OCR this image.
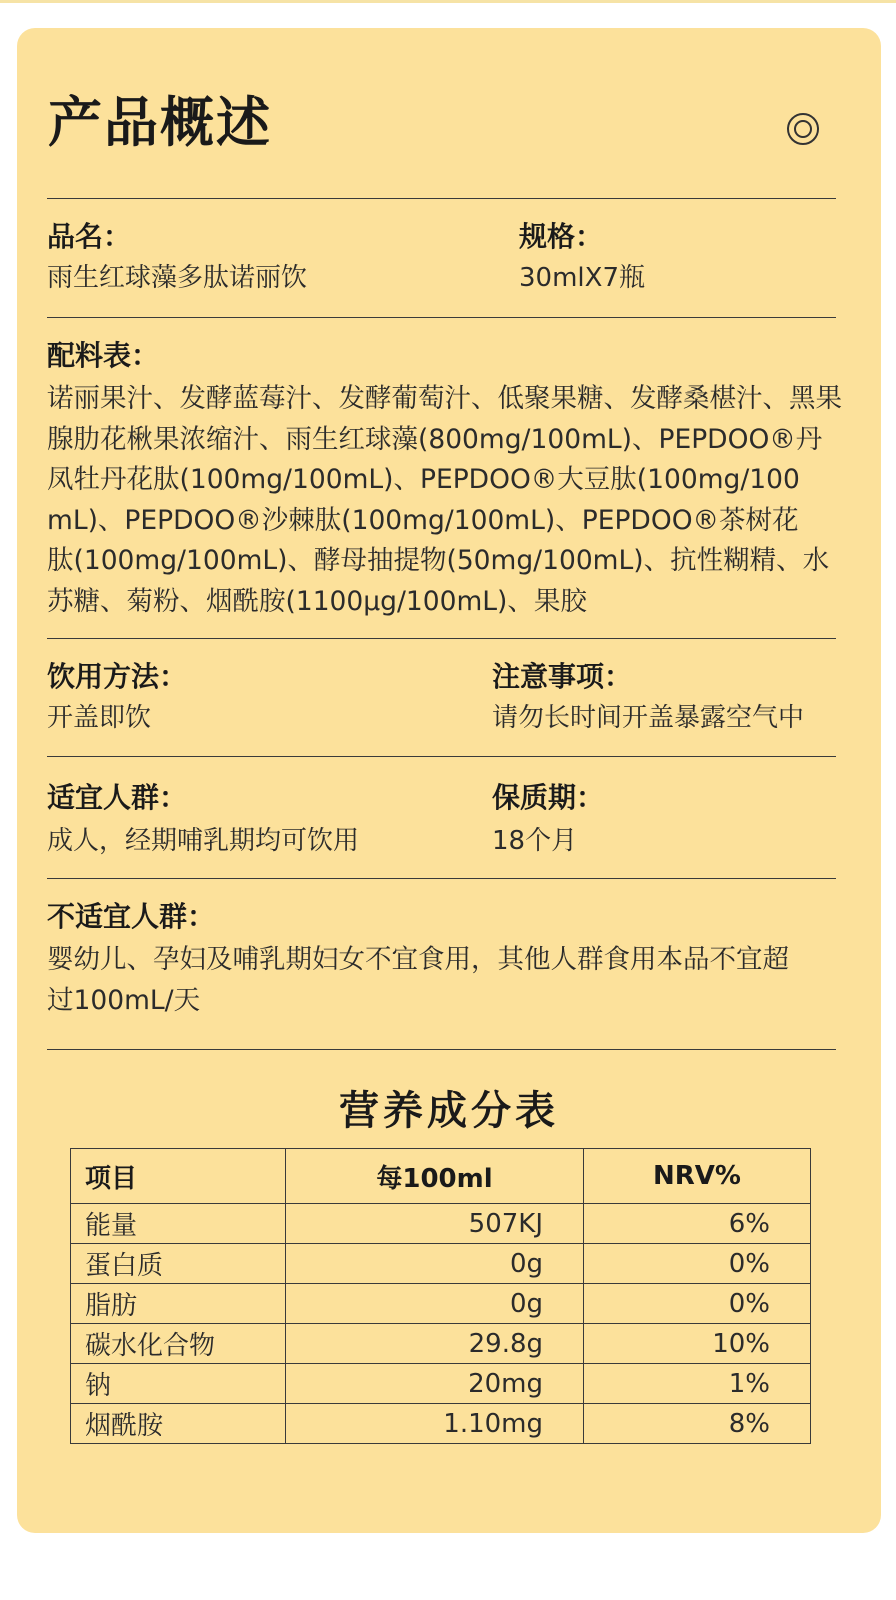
产品概述
品名：
雨生红球藻多肽诺丽饮
规格：
30mlX7瓶
配料表：
诺丽果汁、发酵蓝莓汁、发酵葡萄汁、低聚果糖、发酵桑椹汁、黑果
腺肋花楸果浓缩汁、雨生红球藻(800mg/100mL)、PEPDOO®丹
凤牡丹花肽(100mg/100mL)、PEPDOO®大豆肽(100mg/100
mL)、PEPDOO®沙棘肽(100mg/100mL)、PEPDOO®茶树花
肽(100mg/100mL)、酵母抽提物(50mg/100mL)、抗性糊精、水
苏糖、菊粉、烟酰胺(1100μg/100mL)、果胶
饮用方法：
开盖即饮
注意事项：
请勿长时间开盖暴露空气中
适宜人群：
成人，经期哺乳期均可饮用
保质期：
18个月
不适宜人群：
婴幼儿、孕妇及哺乳期妇女不宜食用，其他人群食用本品不宜超
过100mL/天
营养成分表
项目	每100ml	NRV%
能量	507KJ	6%
蛋白质	0g	0%
脂肪	0g	0%
碳水化合物	29.8g	10%
钠	20mg	1%
烟酰胺	1.10mg	8%
